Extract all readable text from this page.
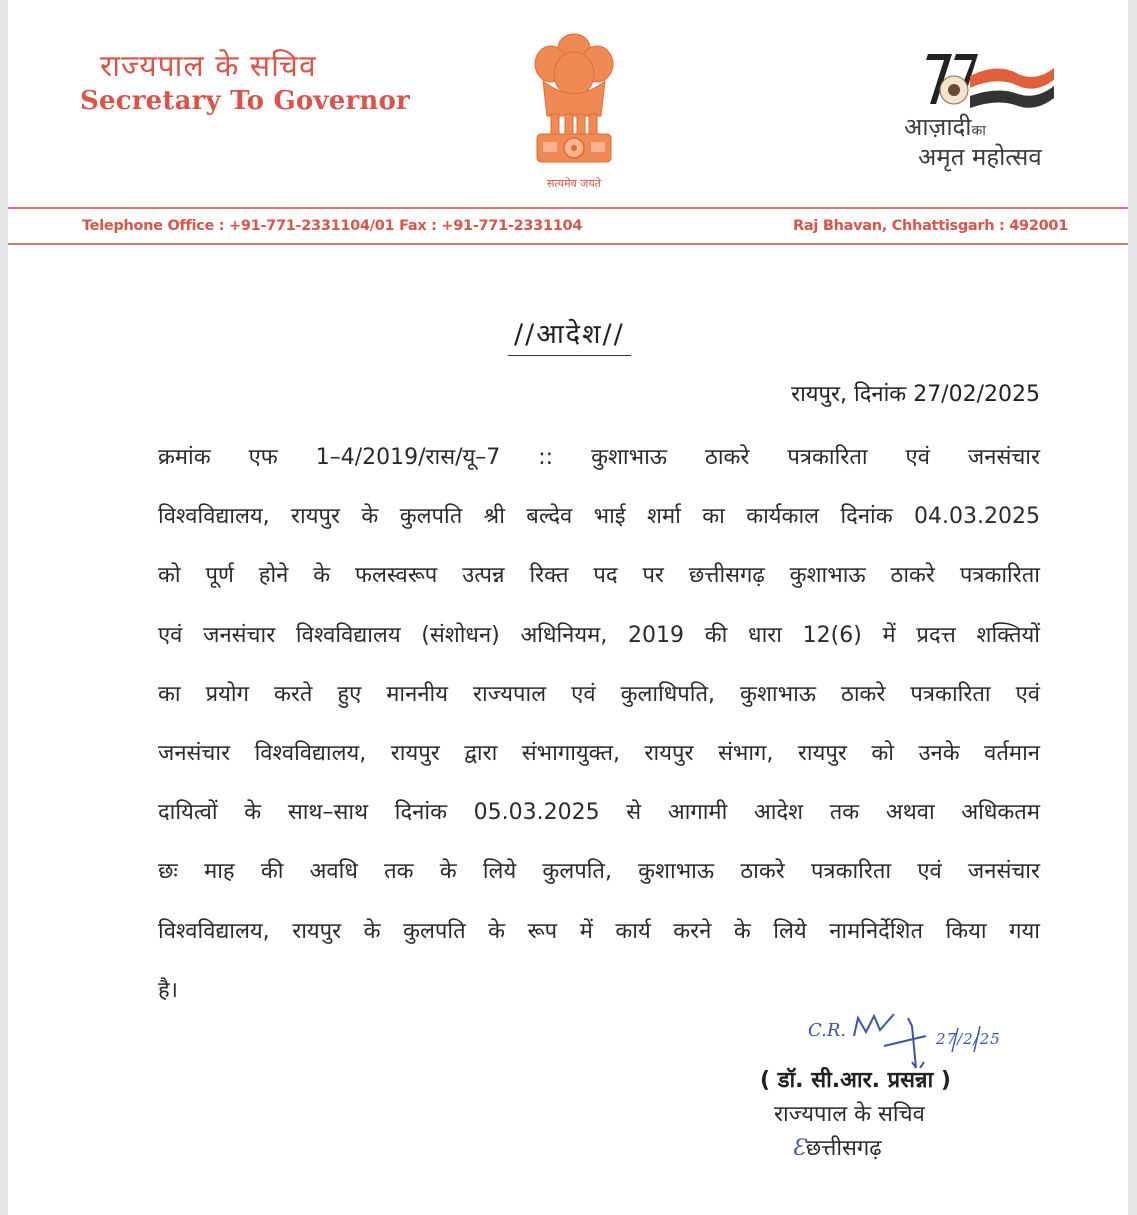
राज्यपाल के सचिव
Secretary To Governor
सत्यमेव जयते
आज़ादीका
अमृत महोत्सव
Telephone Office : +91-771-2331104/01 Fax : +91-771-2331104	Raj Bhavan, Chhattisgarh : 492001
//आदेश//
रायपुर, दिनांक 27/02/2025
क्रमांक एफ 1–4/2019/रास/यू–7 :: कुशाभाऊ ठाकरे पत्रकारिता एवं जनसंचार
विश्वविद्यालय, रायपुर के कुलपति श्री बल्देव भाई शर्मा का कार्यकाल दिनांक 04.03.2025
को पूर्ण होने के फलस्वरूप उत्पन्न रिक्त पद पर छत्तीसगढ़ कुशाभाऊ ठाकरे पत्रकारिता
एवं जनसंचार विश्वविद्यालय (संशोधन) अधिनियम, 2019 की धारा 12(6) में प्रदत्त शक्तियों
का प्रयोग करते हुए माननीय राज्यपाल एवं कुलाधिपति, कुशाभाऊ ठाकरे पत्रकारिता एवं
जनसंचार विश्वविद्यालय, रायपुर द्वारा संभागायुक्त, रायपुर संभाग, रायपुर को उनके वर्तमान
दायित्वों के साथ–साथ दिनांक 05.03.2025 से आगामी आदेश तक अथवा अधिकतम
छः माह की अवधि तक के लिये कुलपति, कुशाभाऊ ठाकरे पत्रकारिता एवं जनसंचार
विश्वविद्यालय, रायपुर के कुलपति के रूप में कार्य करने के लिये नामनिर्देशित किया गया
है।
C.R.	27/2/25
( डॉ. सी.आर. प्रसन्ना )
राज्यपाल के सचिव
Ɛछत्तीसगढ़
